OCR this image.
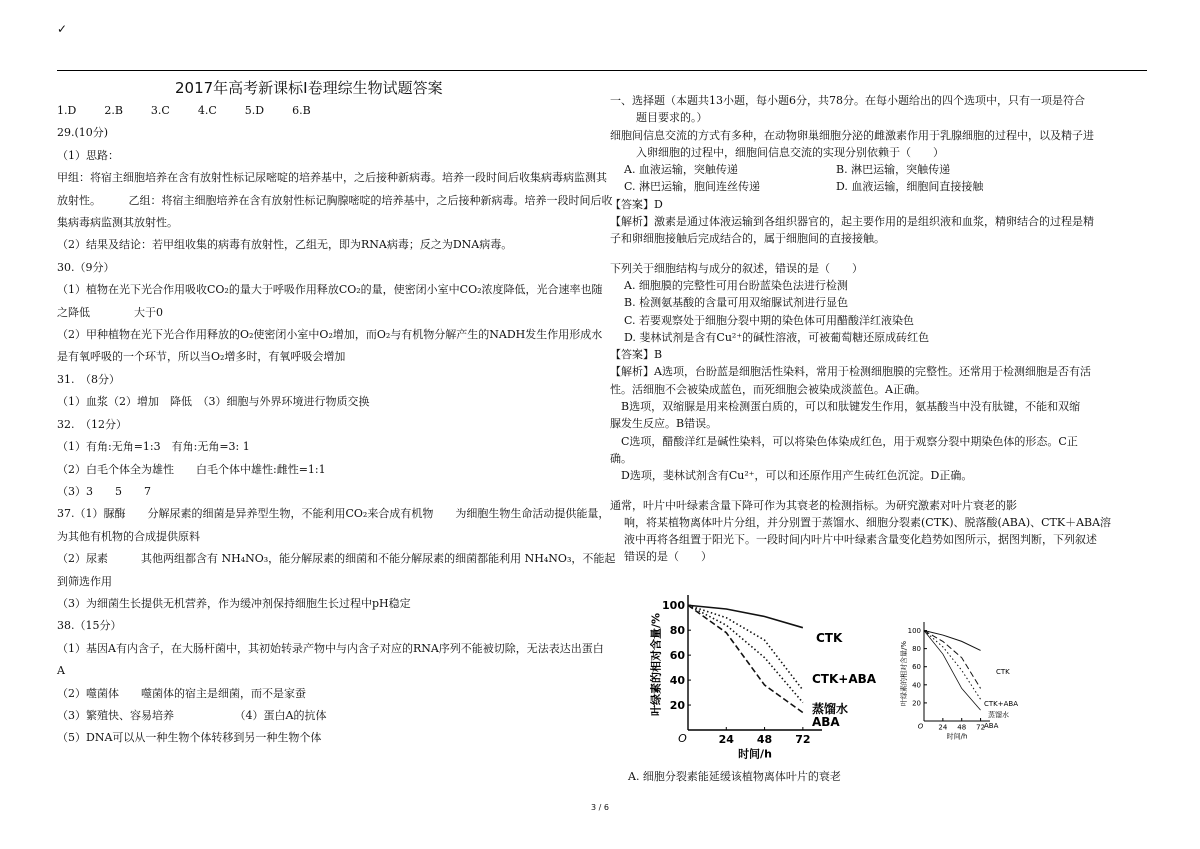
✓

2017年高考新课标Ⅰ卷理综生物试题答案

1.D	2.B	3.C	4.C	5.D	6.B

29.(10分)

（1）思路：

甲组：将宿主细胞培养在含有放射性标记尿嘧啶的培养基中，之后接种新病毒。培养一段时间后收集病毒病监测其

放射性。　　　乙组：将宿主细胞培养在含有放射性标记胸腺嘧啶的培养基中，之后接种新病毒。培养一段时间后收

集病毒病监测其放射性。

（2）结果及结论：若甲组收集的病毒有放射性，乙组无，即为RNA病毒；反之为DNA病毒。

30.（9分）

（1）植物在光下光合作用吸收CO₂的量大于呼吸作用释放CO₂的量，使密闭小室中CO₂浓度降低，光合速率也随

之降低　　　　大于0

（2）甲种植物在光下光合作用释放的O₂使密闭小室中O₂增加，而O₂与有机物分解产生的NADH发生作用形成水

是有氧呼吸的一个环节，所以当O₂增多时，有氧呼吸会增加

31.　（8分）

（1）血浆（2）增加　降低　（3）细胞与外界环境进行物质交换

32.　（12分）

（1）有角:无角=1:3　有角:无角=3: 1

（2）白毛个体全为雄性　　白毛个体中雄性:雌性=1:1

（3）3　　5　　7

37.（1）脲酶　　分解尿素的细菌是异养型生物，不能利用CO₂来合成有机物　　为细胞生物生命活动提供能量，

为其他有机物的合成提供原料

（2）尿素　　　其他两组都含有 NH₄NO₃，能分解尿素的细菌和不能分解尿素的细菌都能利用 NH₄NO₃，不能起

到筛选作用

（3）为细菌生长提供无机营养，作为缓冲剂保持细胞生长过程中pH稳定

38.（15分）

（1）基因A有内含子，在大肠杆菌中，其初始转录产物中与内含子对应的RNA序列不能被切除，无法表达出蛋白

A

（2）噬菌体　　噬菌体的宿主是细菌，而不是家蚕

（3）繁殖快、容易培养　　　　　　（4）蛋白A的抗体

（5）DNA可以从一种生物个体转移到另一种生物个体

一、选择题（本题共13小题，每小题6分，共78分。在每小题给出的四个选项中，只有一项是符合

题目要求的。）

细胞间信息交流的方式有多种，在动物卵巢细胞分泌的雌激素作用于乳腺细胞的过程中，以及精子进

入卵细胞的过程中，细胞间信息交流的实现分别依赖于（　　）

A. 血液运输，突触传递	B. 淋巴运输，突触传递

C. 淋巴运输，胞间连丝传递	D. 血液运输，细胞间直接接触

【答案】D

【解析】激素是通过体液运输到各组织器官的，起主要作用的是组织液和血浆，精卵结合的过程是精

子和卵细胞接触后完成结合的，属于细胞间的直接接触。

下列关于细胞结构与成分的叙述，错误的是（　　）

A. 细胞膜的完整性可用台盼蓝染色法进行检测

B. 检测氨基酸的含量可用双缩脲试剂进行显色

C. 若要观察处于细胞分裂中期的染色体可用醋酸洋红液染色

D. 斐林试剂是含有Cu²⁺的碱性溶液，可被葡萄糖还原成砖红色

【答案】B

【解析】A选项，台盼蓝是细胞活性染料，常用于检测细胞膜的完整性。还常用于检测细胞是否有活

性。活细胞不会被染成蓝色，而死细胞会被染成淡蓝色。A正确。

　B选项，双缩脲是用来检测蛋白质的，可以和肽键发生作用，氨基酸当中没有肽键，不能和双缩

脲发生反应。B错误。

　C选项，醋酸洋红是碱性染料，可以将染色体染成红色，用于观察分裂中期染色体的形态。C正

确。

　D选项，斐林试剂含有Cu²⁺，可以和还原作用产生砖红色沉淀。D正确。

通常，叶片中叶绿素含量下降可作为其衰老的检测指标。为研究激素对叶片衰老的影

响，将某植物离体叶片分组，并分别置于蒸馏水、细胞分裂素(CTK)、脱落酸(ABA)、CTK＋ABA溶

液中再将各组置于阳光下。一段时间内叶片中叶绿素含量变化趋势如图所示，据图判断，下列叙述

错误的是（　　）

O
20
40
60
80
100
24 48 72
时间/h
叶绿素的相对含量/%	CTK
CTK+ABA
蒸馏水
ABA	O
20
40
60
80
100
24 48 72
时间/h
叶绿素的相对含量/%	CTK
CTK+ABA
蒸馏水
ABA
A. 细胞分裂素能延缓该植物离体叶片的衰老
3 / 6
